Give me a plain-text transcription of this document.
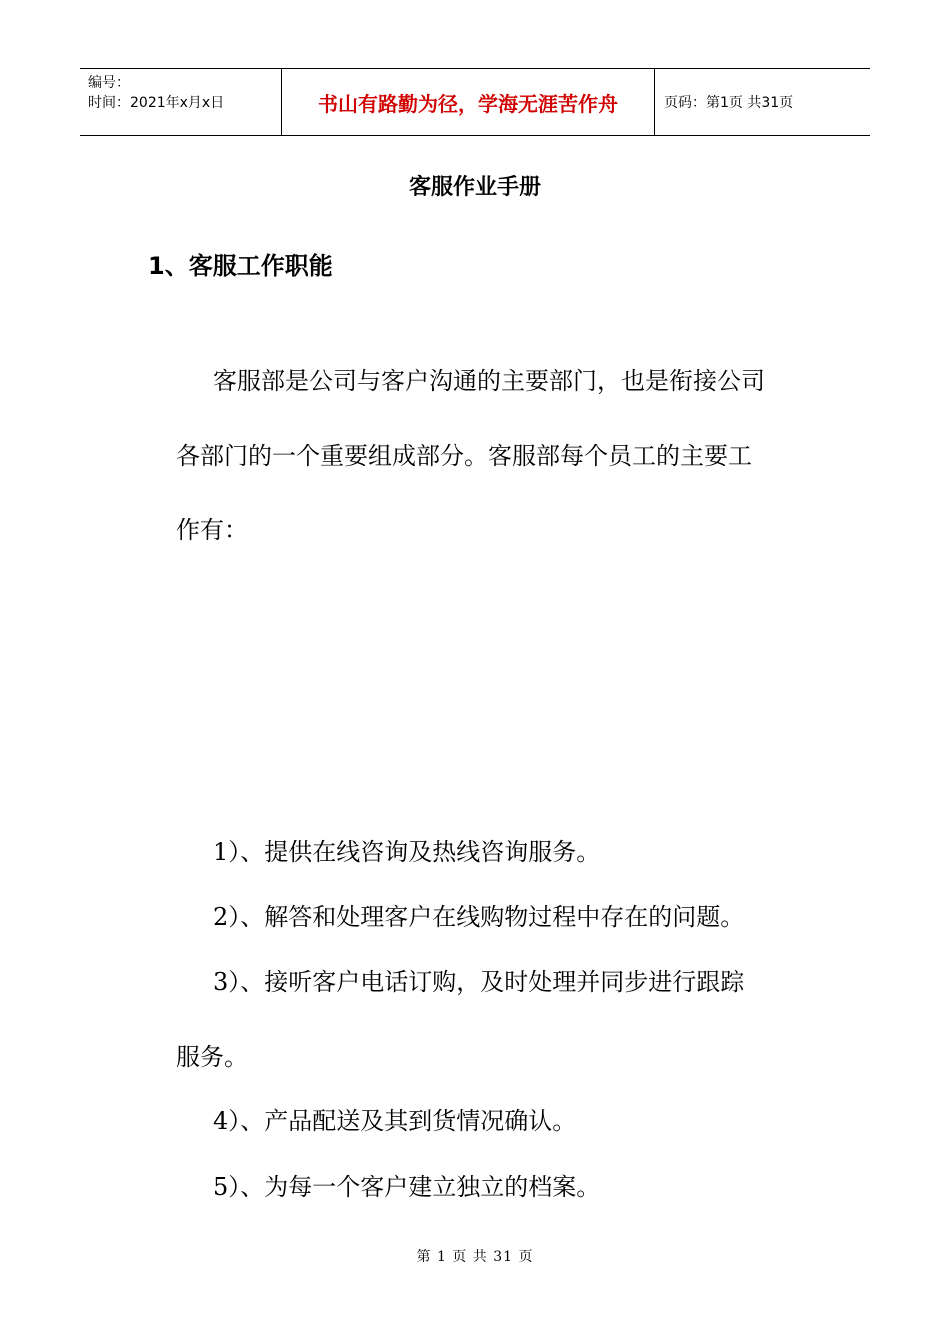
编号：
时间：2021年x月x日	书山有路勤为径，学海无涯苦作舟	页码：第1页 共31页
客服作业手册
1、客服工作职能
客服部是公司与客户沟通的主要部门，也是衔接公司
各部门的一个重要组成部分。客服部每个员工的主要工
作有：
1）、提供在线咨询及热线咨询服务。
2）、解答和处理客户在线购物过程中存在的问题。
3）、接听客户电话订购，及时处理并同步进行跟踪
服务。
4）、产品配送及其到货情况确认。
5）、为每一个客户建立独立的档案。
第 1 页 共 31 页
